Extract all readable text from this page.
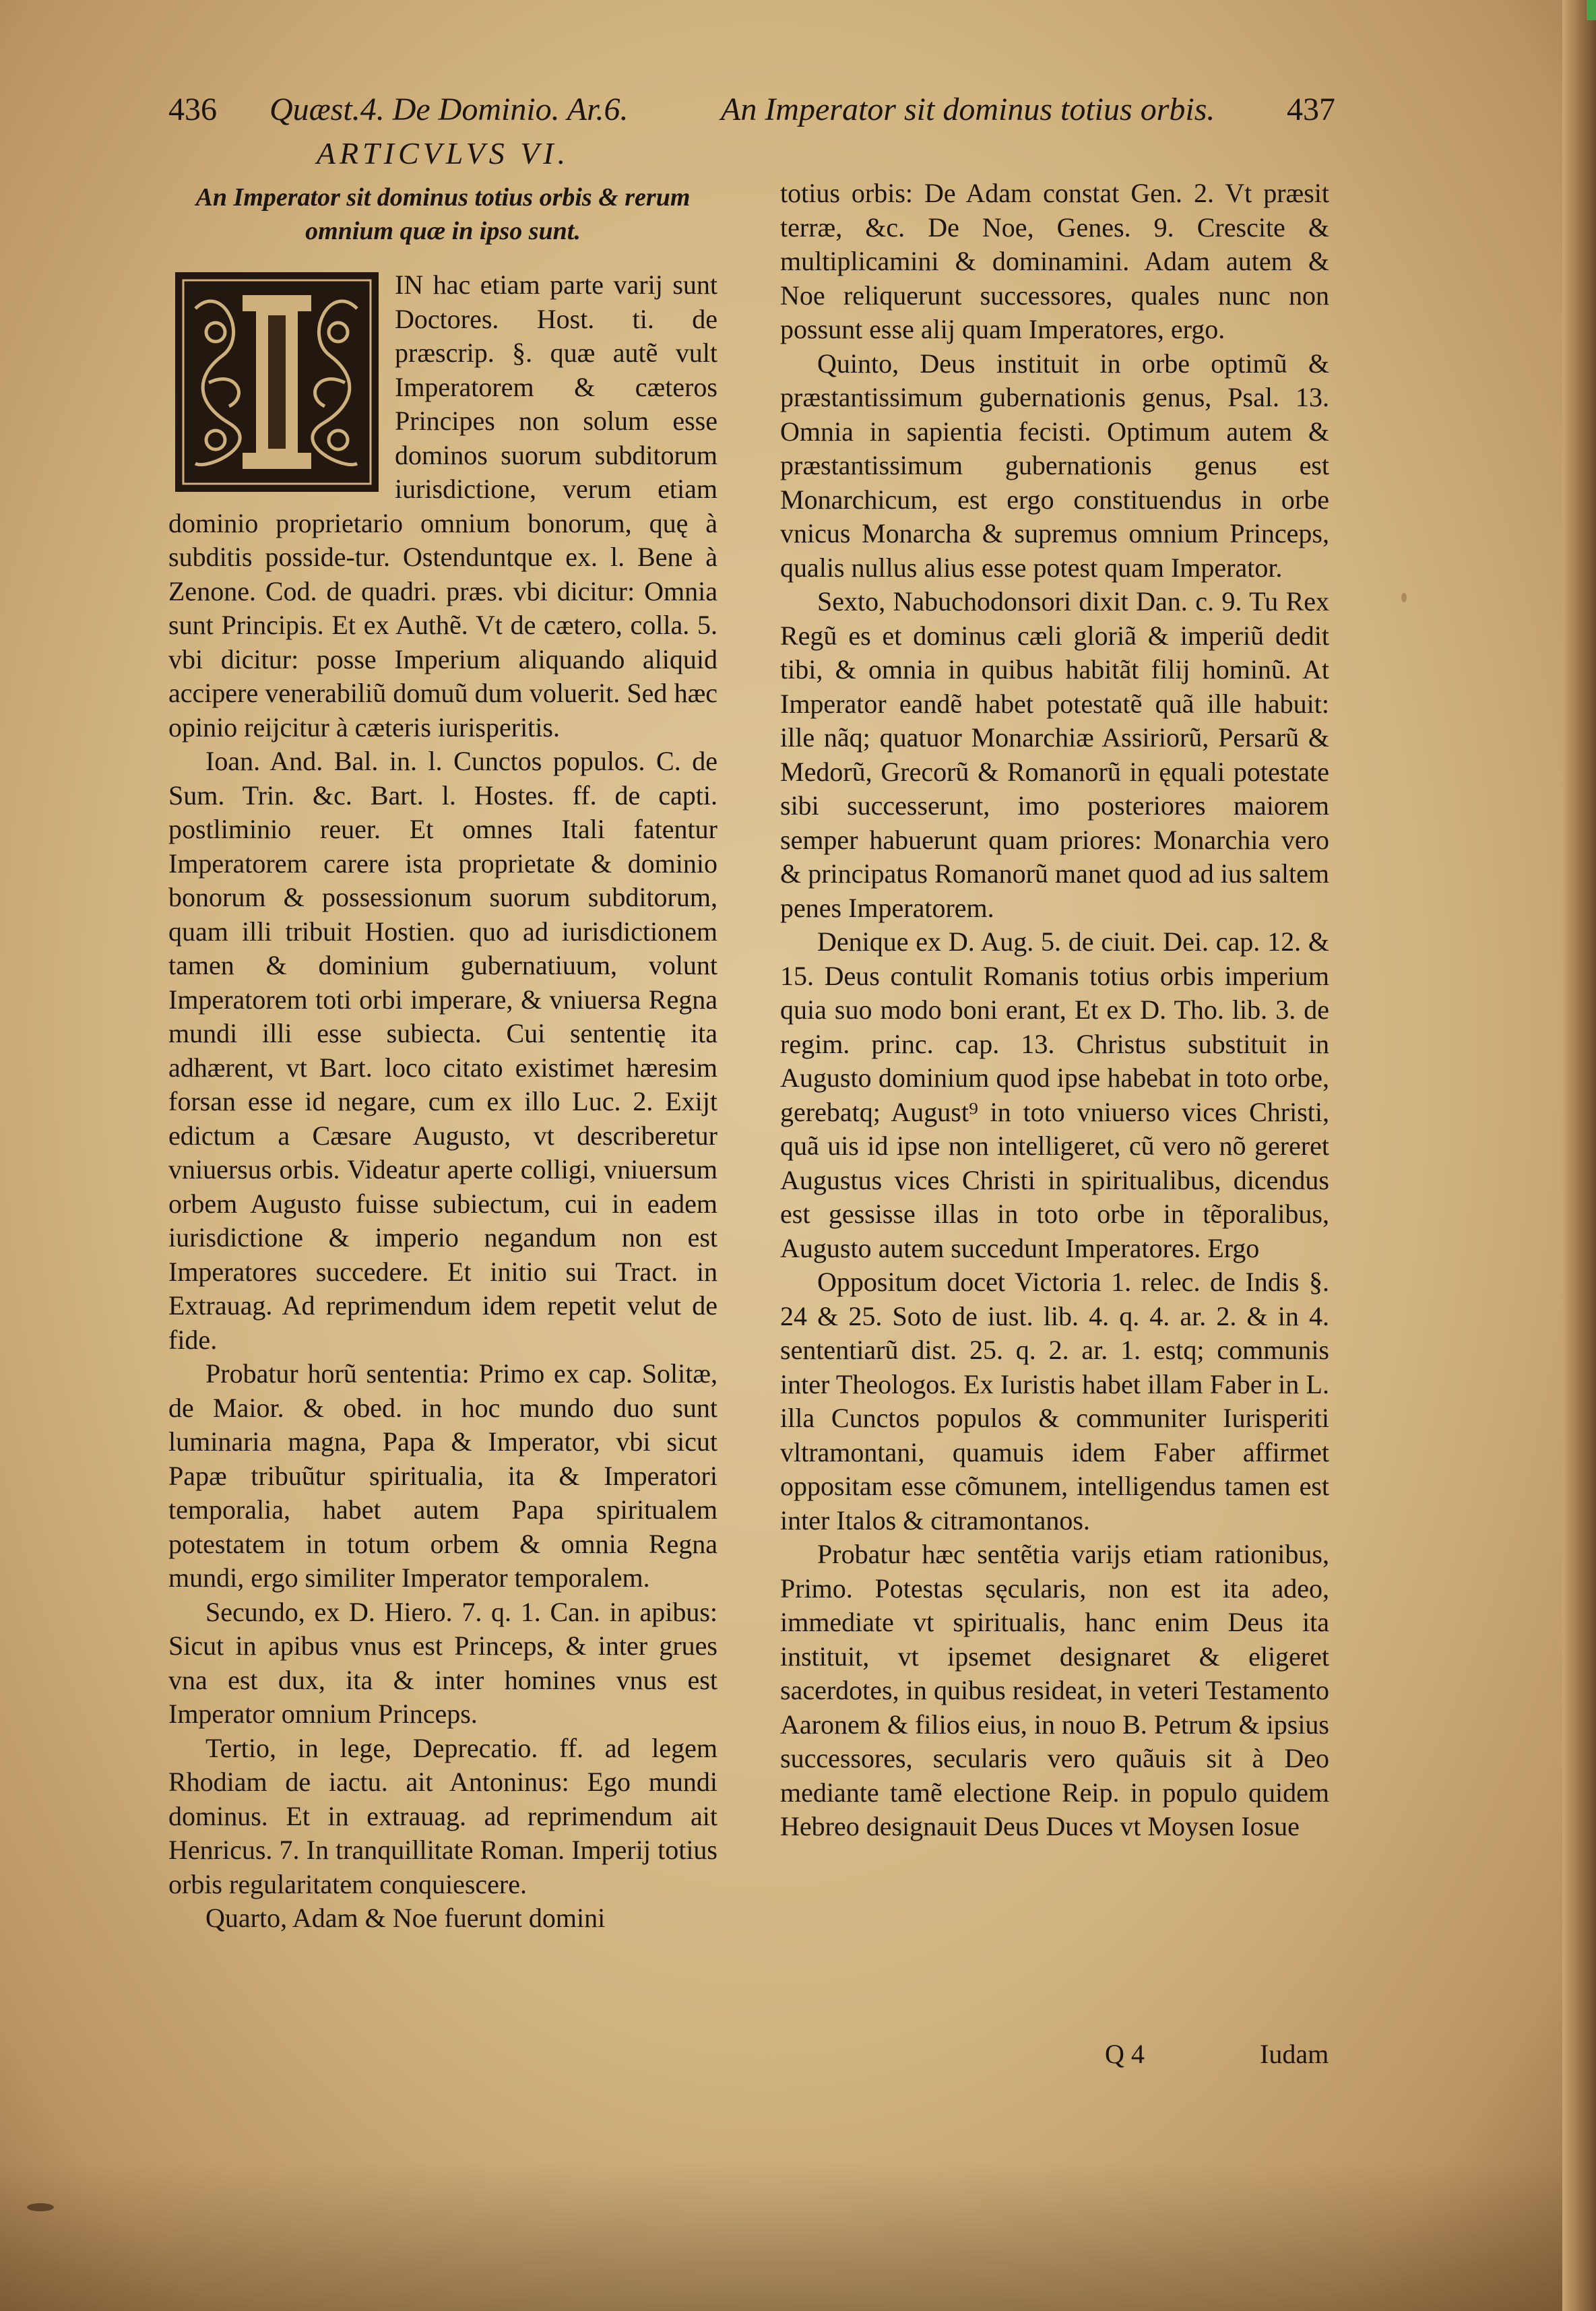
436 Quæst.4. De Dominio. Ar.6.	An Imperator sit dominus totius orbis. 437
ARTICVLVS VI.
An Imperator sit dominus totius orbis & rerum omnium quæ in ipso sunt.

IN hac etiam parte varij sunt Doctores. Host. ti. de præscrip. §. quæ autẽ vult Imperatorem & cæteros Principes non solum esse dominos suorum subditorum iurisdictione, verum etiam dominio proprietario omnium bonorum, quę à subditis posside-tur. Ostenduntque ex. l. Bene à Zenone. Cod. de quadri. præs. vbi dicitur: Omnia sunt Principis. Et ex Authẽ. Vt de cætero, colla. 5. vbi dicitur: posse Imperium aliquando aliquid accipere venerabiliũ domuũ dum voluerit. Sed hæc opinio reijcitur à cæteris iurisperitis.

Ioan. And. Bal. in. l. Cunctos populos. C. de Sum. Trin. &c. Bart. l. Hostes. ff. de capti. postliminio reuer. Et omnes Itali fatentur Imperatorem carere ista proprietate & dominio bonorum & possessionum suorum subditorum, quam illi tribuit Hostien. quo ad iurisdictionem tamen & dominium gubernatiuum, volunt Imperatorem toti orbi imperare, & vniuersa Regna mundi illi esse subiecta. Cui sententię ita adhærent, vt Bart. loco citato existimet hæresim forsan esse id negare, cum ex illo Luc. 2. Exijt edictum a Cæsare Augusto, vt describeretur vniuersus orbis. Videatur aperte colligi, vniuersum orbem Augusto fuisse subiectum, cui in eadem iurisdictione & imperio negandum non est Imperatores succedere. Et initio sui Tract. in Extrauag. Ad reprimendum idem repetit velut de fide.

Probatur horũ sententia: Primo ex cap. Solitæ, de Maior. & obed. in hoc mundo duo sunt luminaria magna, Papa & Imperator, vbi sicut Papæ tribuũtur spiritualia, ita & Imperatori temporalia, habet autem Papa spiritualem potestatem in totum orbem & omnia Regna mundi, ergo similiter Imperator temporalem.

Secundo, ex D. Hiero. 7. q. 1. Can. in apibus: Sicut in apibus vnus est Princeps, & inter grues vna est dux, ita & inter homines vnus est Imperator omnium Princeps.

Tertio, in lege, Deprecatio. ff. ad legem Rhodiam de iactu. ait Antoninus: Ego mundi dominus. Et in extrauag. ad reprimendum ait Henricus. 7. In tranquillitate Roman. Imperij totius orbis regularitatem conquiescere.

Quarto, Adam & Noe fuerunt domini

totius orbis: De Adam constat Gen. 2. Vt præsit terræ, &c. De Noe, Genes. 9. Crescite & multiplicamini & dominamini. Adam autem & Noe reliquerunt successores, quales nunc non possunt esse alij quam Imperatores, ergo.

Quinto, Deus instituit in orbe optimũ & præstantissimum gubernationis genus, Psal. 13. Omnia in sapientia fecisti. Optimum autem & præstantissimum gubernationis genus est Monarchicum, est ergo constituendus in orbe vnicus Monarcha & supremus omnium Princeps, qualis nullus alius esse potest quam Imperator.

Sexto, Nabuchodonsori dixit Dan. c. 9. Tu Rex Regũ es et dominus cæli gloriã & imperiũ dedit tibi, & omnia in quibus habitãt filij hominũ. At Imperator eandẽ habet potestatẽ quã ille habuit: ille nãq; quatuor Monarchiæ Assiriorũ, Persarũ & Medorũ, Grecorũ & Romanorũ in ęquali potestate sibi successerunt, imo posteriores maiorem semper habuerunt quam priores: Monarchia vero & principatus Romanorũ manet quod ad ius saltem penes Imperatorem.

Denique ex D. Aug. 5. de ciuit. Dei. cap. 12. & 15. Deus contulit Romanis totius orbis imperium quia suo modo boni erant, Et ex D. Tho. lib. 3. de regim. princ. cap. 13. Christus substituit in Augusto dominium quod ipse habebat in toto orbe, gerebatq; August⁹ in toto vniuerso vices Christi, quã uis id ipse non intelligeret, cũ vero nõ gereret Augustus vices Christi in spiritualibus, dicendus est gessisse illas in toto orbe in tẽporalibus, Augusto autem succedunt Imperatores. Ergo

Oppositum docet Victoria 1. relec. de Indis §. 24 & 25. Soto de iust. lib. 4. q. 4. ar. 2. & in 4. sententiarũ dist. 25. q. 2. ar. 1. estq; communis inter Theologos. Ex Iuristis habet illam Faber in L. illa Cunctos populos & communiter Iurisperiti vltramontani, quamuis idem Faber affirmet oppositam esse cõmunem, intelligendus tamen est inter Italos & citramontanos.

Probatur hæc sentẽtia varijs etiam rationibus, Primo. Potestas sęcularis, non est ita adeo, immediate vt spiritualis, hanc enim Deus ita instituit, vt ipsemet designaret & eligeret sacerdotes, in quibus resideat, in veteri Testamento Aaronem & filios eius, in nouo B. Petrum & ipsius successores, secularis vero quãuis sit à Deo mediante tamẽ electione Reip. in populo quidem Hebreo designauit Deus Duces vt Moysen Iosue

Q 4	Iudam
